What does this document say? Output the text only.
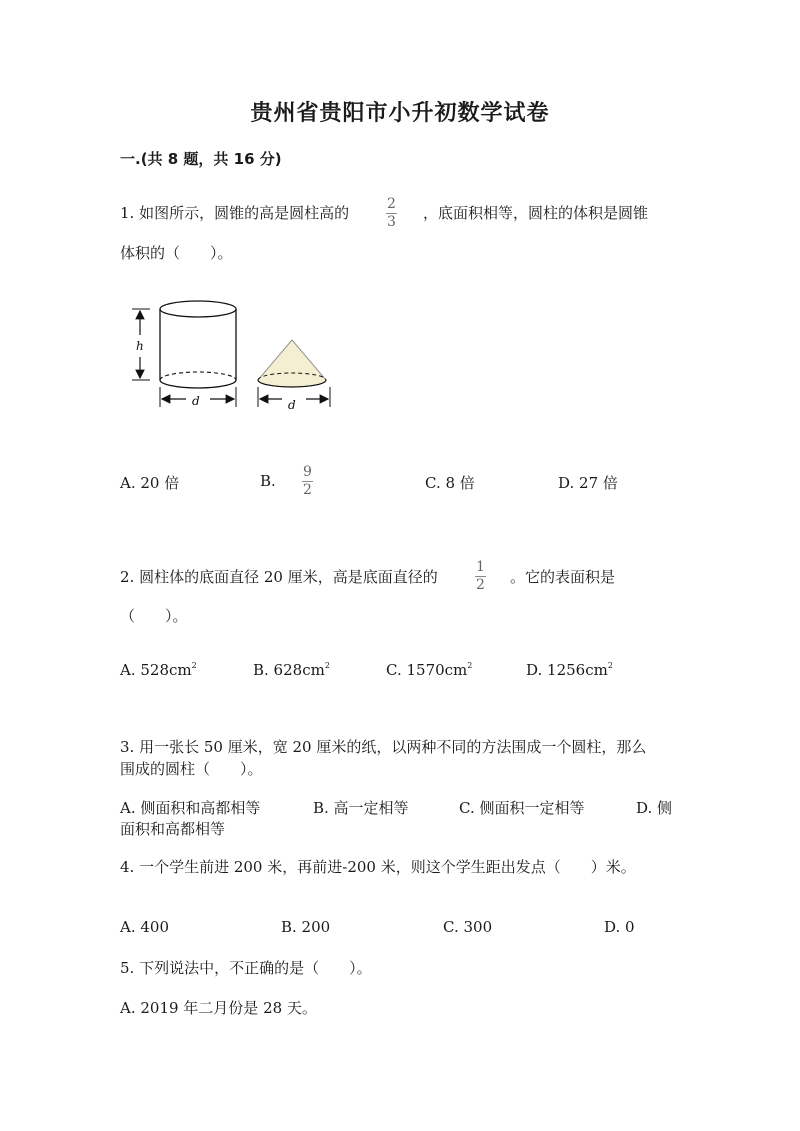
贵州省贵阳市小升初数学试卷
一.(共 8 题，共 16 分)
1. 如图所示，圆锥的高是圆柱高的	2
3 ，底面积相等，圆柱的体积是圆锥
体积的（　　）。
h
d	d
A. 20 倍	B. 9
2	C. 8 倍	D. 27 倍
2. 圆柱体的底面直径 20 厘米，高是底面直径的
1
2 。它的表面积是
（　　）。
A. $528cm^2$	B. $628cm^2$	C. $1570cm^2$	D. $1256cm^2$
3. 用一张长 50 厘米，宽 20 厘米的纸，以两种不同的方法围成一个圆柱，那么
围成的圆柱（　　）。
A. 侧面积和高都相等	B. 高一定相等	C. 侧面积一定相等	D. 侧
面积和高都相等
4. 一个学生前进 200 米，再前进-200 米，则这个学生距出发点（　　）米。
A. 400	B. 200	C. 300	D. 0
5. 下列说法中，不正确的是（　　）。
A. 2019 年二月份是 28 天。
